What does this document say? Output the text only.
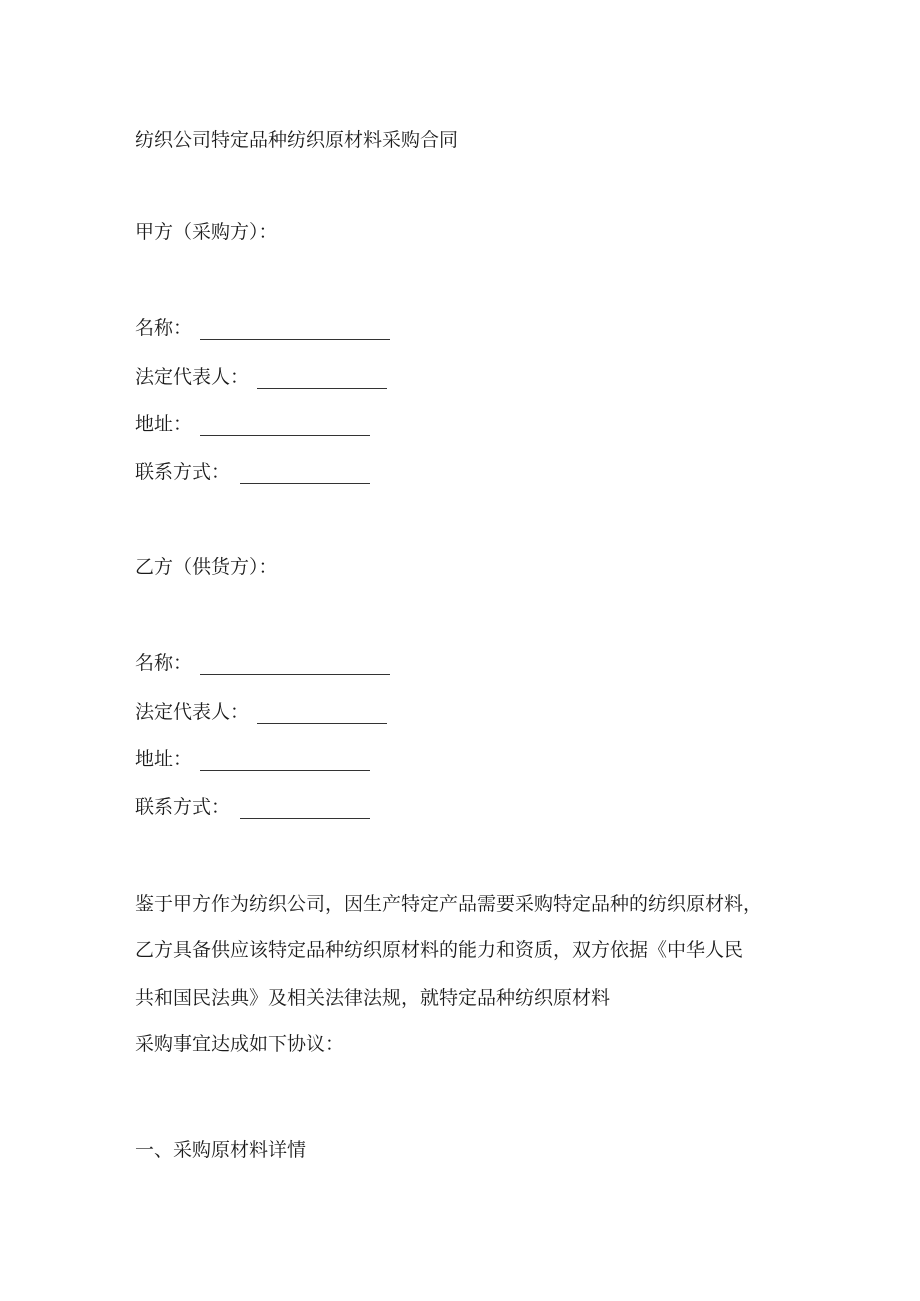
纺织公司特定品种纺织原材料采购合同
甲方（采购方）：
名称：
法定代表人：
地址：
联系方式：
乙方（供货方）：
名称：
法定代表人：
地址：
联系方式：
鉴于甲方作为纺织公司，因生产特定产品需要采购特定品种的纺织原材料，
乙方具备供应该特定品种纺织原材料的能力和资质，双方依据《中华人民
共和国民法典》及相关法律法规，就特定品种纺织原材料
采购事宜达成如下协议：
一、采购原材料详情
